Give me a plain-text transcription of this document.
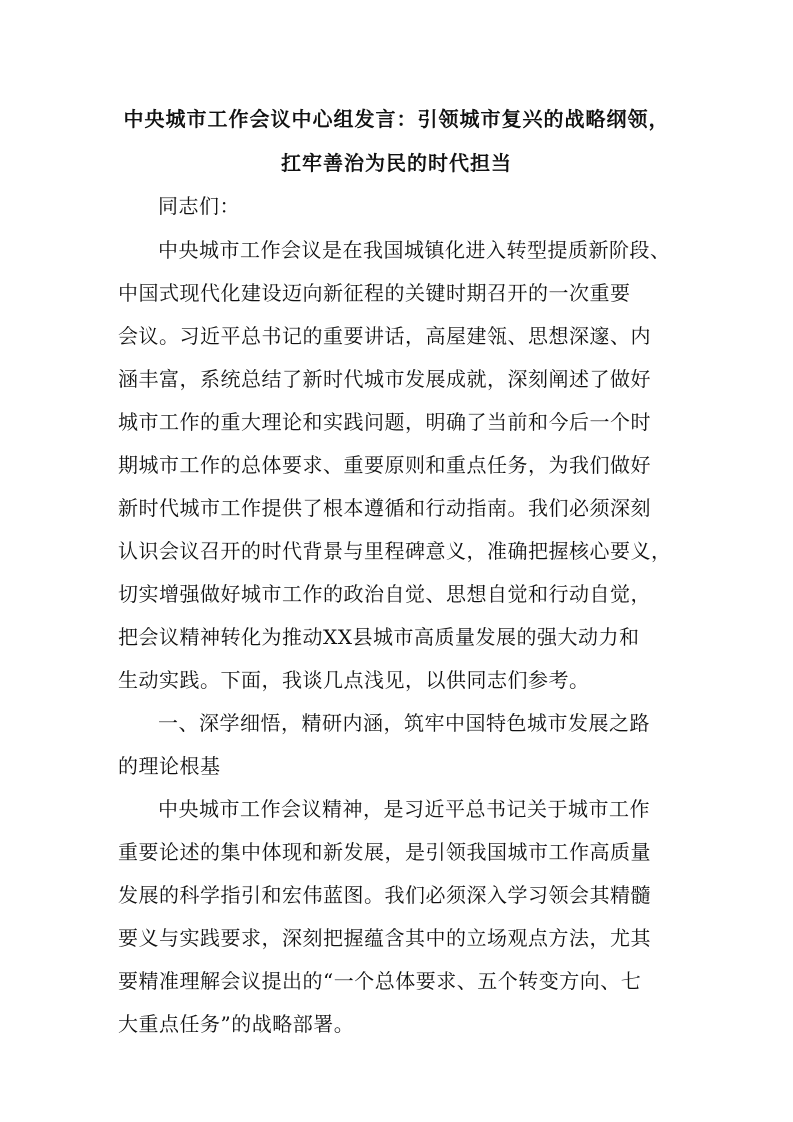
中央城市工作会议中心组发言：引领城市复兴的战略纲领，
扛牢善治为民的时代担当
同志们：
中央城市工作会议是在我国城镇化进入转型提质新阶段、
中国式现代化建设迈向新征程的关键时期召开的一次重要
会议。习近平总书记的重要讲话，高屋建瓴、思想深邃、内
涵丰富，系统总结了新时代城市发展成就，深刻阐述了做好
城市工作的重大理论和实践问题，明确了当前和今后一个时
期城市工作的总体要求、重要原则和重点任务，为我们做好
新时代城市工作提供了根本遵循和行动指南。我们必须深刻
认识会议召开的时代背景与里程碑意义，准确把握核心要义，
切实增强做好城市工作的政治自觉、思想自觉和行动自觉，
把会议精神转化为推动XX县城市高质量发展的强大动力和
生动实践。下面，我谈几点浅见，以供同志们参考。
一、深学细悟，精研内涵，筑牢中国特色城市发展之路
的理论根基
中央城市工作会议精神，是习近平总书记关于城市工作
重要论述的集中体现和新发展，是引领我国城市工作高质量
发展的科学指引和宏伟蓝图。我们必须深入学习领会其精髓
要义与实践要求，深刻把握蕴含其中的立场观点方法，尤其
要精准理解会议提出的“一个总体要求、五个转变方向、七
大重点任务”的战略部署。
